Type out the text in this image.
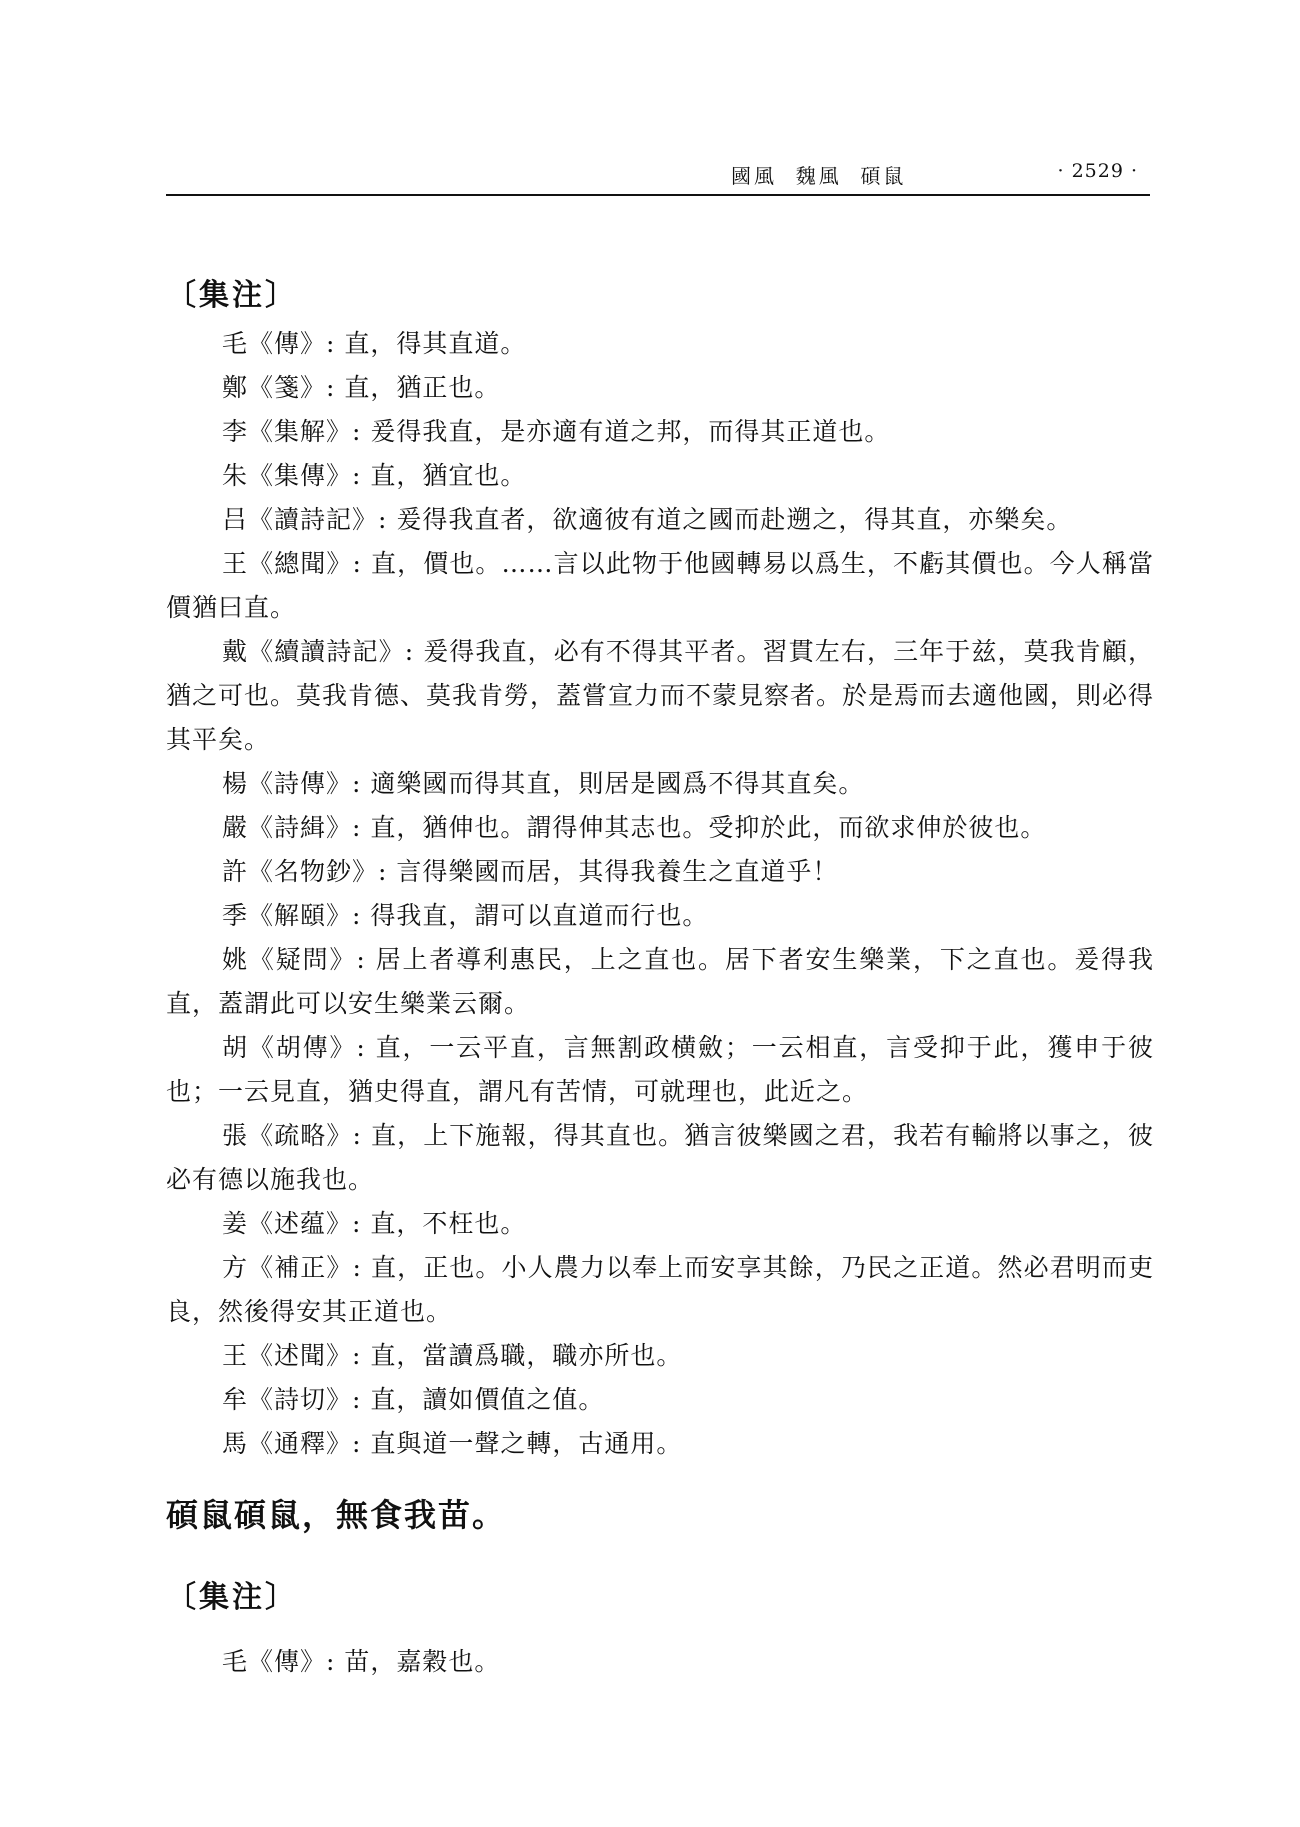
國風  魏風  碩鼠	· 2529 ·
〔集注〕

毛《傳》: 直，得其直道。

鄭《箋》: 直，猶正也。

李《集解》: 爰得我直，是亦適有道之邦，而得其正道也。

朱《集傳》: 直，猶宜也。

吕《讀詩記》: 爰得我直者，欲適彼有道之國而赴遡之，得其直，亦樂矣。

王《總聞》: 直，價也。……言以此物于他國轉易以爲生，不虧其價也。今人稱當價猶曰直。

戴《續讀詩記》: 爰得我直，必有不得其平者。習貫左右，三年于兹，莫我肯顧，猶之可也。莫我肯德、莫我肯勞，蓋嘗宣力而不蒙見察者。於是焉而去適他國，則必得其平矣。

楊《詩傳》: 適樂國而得其直，則居是國爲不得其直矣。

嚴《詩緝》: 直，猶伸也。謂得伸其志也。受抑於此，而欲求伸於彼也。

許《名物鈔》: 言得樂國而居，其得我養生之直道乎！

季《解頤》: 得我直，謂可以直道而行也。

姚《疑問》: 居上者導利惠民，上之直也。居下者安生樂業，下之直也。爰得我直，蓋謂此可以安生樂業云爾。

胡《胡傳》: 直，一云平直，言無割政横斂；一云相直，言受抑于此，獲申于彼也；一云見直，猶史得直，謂凡有苦情，可就理也，此近之。

張《疏略》: 直，上下施報，得其直也。猶言彼樂國之君，我若有輸將以事之，彼必有德以施我也。

姜《述蕴》: 直，不枉也。

方《補正》: 直，正也。小人農力以奉上而安享其餘，乃民之正道。然必君明而吏良，然後得安其正道也。

王《述聞》: 直，當讀爲職，職亦所也。

牟《詩切》: 直，讀如價值之值。

馬《通釋》: 直與道一聲之轉，古通用。

碩鼠碩鼠，無食我苗。
〔集注〕

毛《傳》: 苗，嘉穀也。
